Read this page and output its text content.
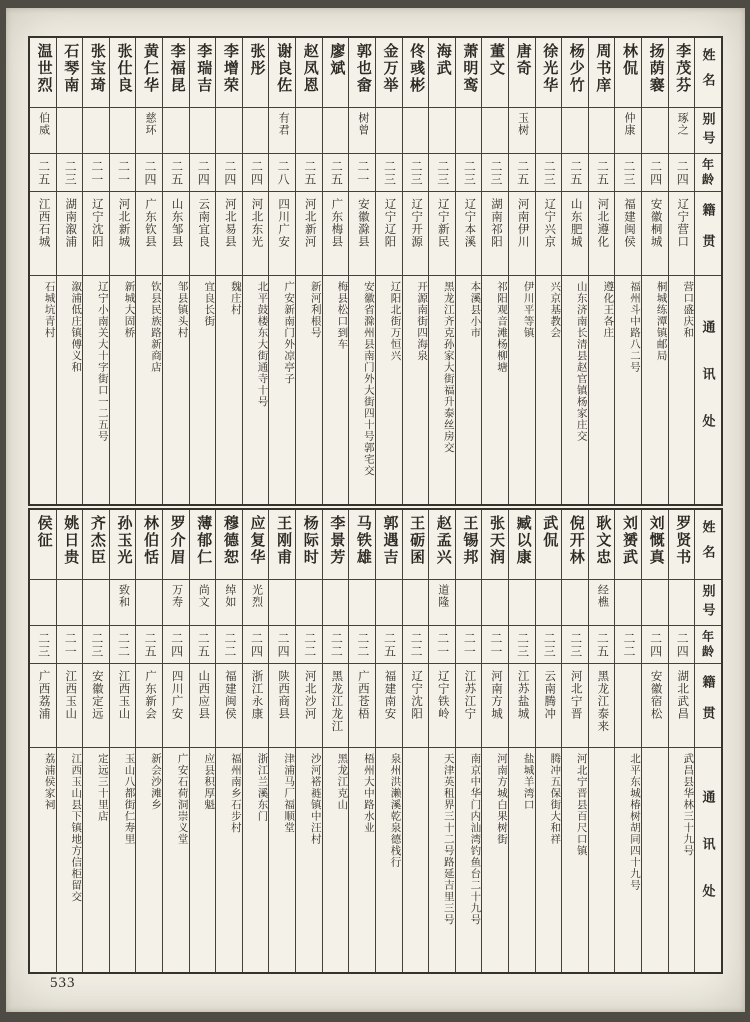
温世烈
伯威
二五
江西石城
石城坑青村
石琴南
二三
湖南溆浦
溆浦低庄镇傅义和
张宝琦
二一
辽宁沈阳
辽宁小南关大十字街口一二五号
张仕良
二一
河北新城
新城大固桥
黄仁华
慈环
二四
广东钦县
钦县民族路新商店
李福昆
二五
山东邹县
邹县镇头村
李瑞吉
二四
云南宜良
宜良长街
李增荣
二四
河北易县
魏庄村
张彤
二四
河北东光
北平鼓楼东大街通寺十号
谢良佐
有君
二八
四川广安
广安新南门外凉亭子
赵凤恩
二五
河北新河
新河利根号
廖斌
二五
广东梅县
梅县松口到车
郭也畲
树曾
二一
安徽滁县
安徽省滁州县南门外大街四十号郭宅交
金万举
二三
辽宁辽阳
辽阳北街万恒兴
佟彧彬
二三
辽宁开源
开源南街四海泉
海武
二三
辽宁新民
黑龙江齐克孙家大街福升泰丝房交
萧明鸾
二三
辽宁本溪
本溪县小市
董文
二三
湖南祁阳
祁阳观音滩杨柳塘
唐奇
玉树
二五
河南伊川
伊川平等镇
徐光华
二三
辽宁兴京
兴京基教会
杨少竹
二五
山东肥城
山东济南长清县赵官镇杨家庄交
周书庠
二五
河北遵化
遵化王各庄
林侃
仲康
二三
福建闽侯
福州斗中路八二号
扬荫褰
二四
安徽桐城
桐城练潭镇邮局
李茂芬
琢之
二四
辽宁营口
营口盛庆和
姓名
别号
年龄
籍贯
通讯处
侯征
二三
广西荔浦
荔浦侯家祠
姚日贵
二一
江西玉山
江西玉山县下镇地方信柜留交
齐杰臣
二三
安徽定远
定远三十里店
孙玉光
致和
二二
江西玉山
玉山八都街仁寿里
林伯恬
二五
广东新会
新会沙滩乡
罗介眉
万寿
二四
四川广安
广安石荷洞崇义堂
薄郁仁
尚文
二五
山西应县
应县积厚魁
穆德恕
绰如
二二
福建闽侯
福州南乡石步村
应复华
光烈
二四
浙江永康
浙江兰溪东门
王刚甫
二四
陕西商县
津浦马厂福顺堂
杨际时
二二
河北沙河
沙河褡裢镇中汪村
李景芳
二二
黑龙江龙江
黑龙江克山
马铁雄
二二
广西苍梧
梧州大中路水业
郭遇吉
二五
福建南安
泉州洪濑溪乾泉德栈行
王砺囷
二二
辽宁沈阳
赵孟兴
道隆
二一
辽宁铁岭
天津英租界三十二号路延吉里三号
王锡邦
二一
江苏江宁
南京中华门内汕湾钓鱼台二十九号
张天润
二一
河南方城
河南方城白果树街
臧以康
二三
江苏盐城
盐城羊湾口
武侃
二三
云南腾冲
腾冲五保街大和祥
倪开林
二三
河北宁晋
河北宁晋县百尺口镇
耿文忠
经樵
二五
黑龙江泰来
刘赟武
二二
北平东城椿树胡同四十九号
刘慨真
二四
安徽宿松
罗贤书
二四
湖北武昌
武昌县华林三十九号
姓名
别号
年龄
籍贯
通讯处
533
